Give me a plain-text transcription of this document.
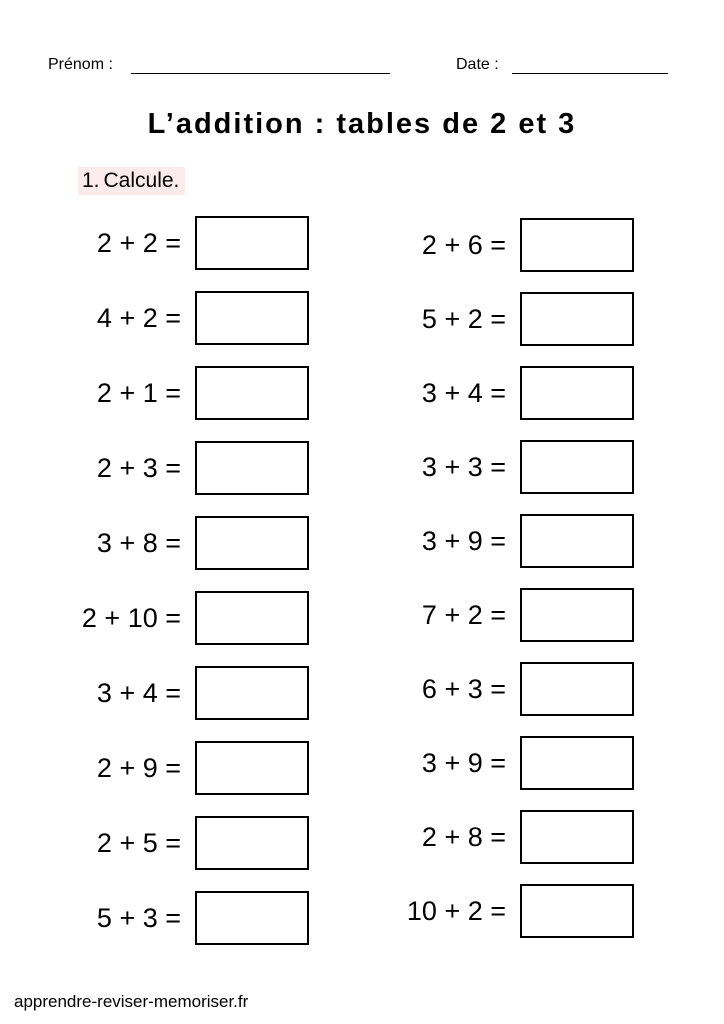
Prénom :	Date :
L’addition : tables de 2 et 3
1. Calcule.
2 + 2 =
4 + 2 =
2 + 1 =
2 + 3 =
3 + 8 =
2 + 10 =
3 + 4 =
2 + 9 =
2 + 5 =
5 + 3 =
2 + 6 =
5 + 2 =
3 + 4 =
3 + 3 =
3 + 9 =
7 + 2 =
6 + 3 =
3 + 9 =
2 + 8 =
10 + 2 =
apprendre-reviser-memoriser.fr
